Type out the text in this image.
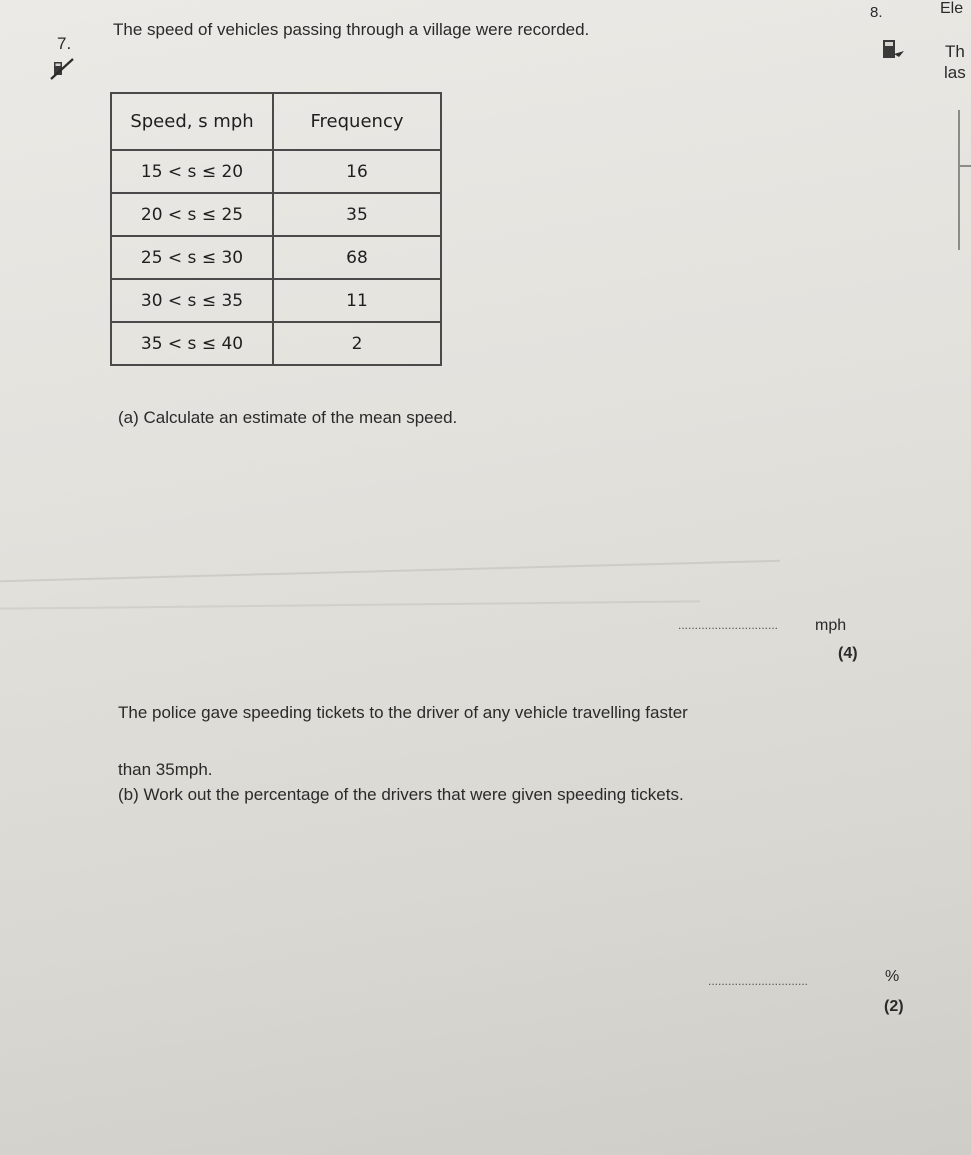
7.
The speed of vehicles passing through a village were recorded.
8.	Ele
Th
las
Speed, s mph	Frequency
15 < s ≤ 20	16
20 < s ≤ 25	35
25 < s ≤ 30	68
30 < s ≤ 35	11
35 < s ≤ 40	2
(a) Calculate an estimate of the mean speed.
.............................. mph
(4)
The police gave speeding tickets to the driver of any vehicle travelling faster
than 35mph.
(b) Work out the percentage of the drivers that were given speeding tickets.
..............................	%
(2)
